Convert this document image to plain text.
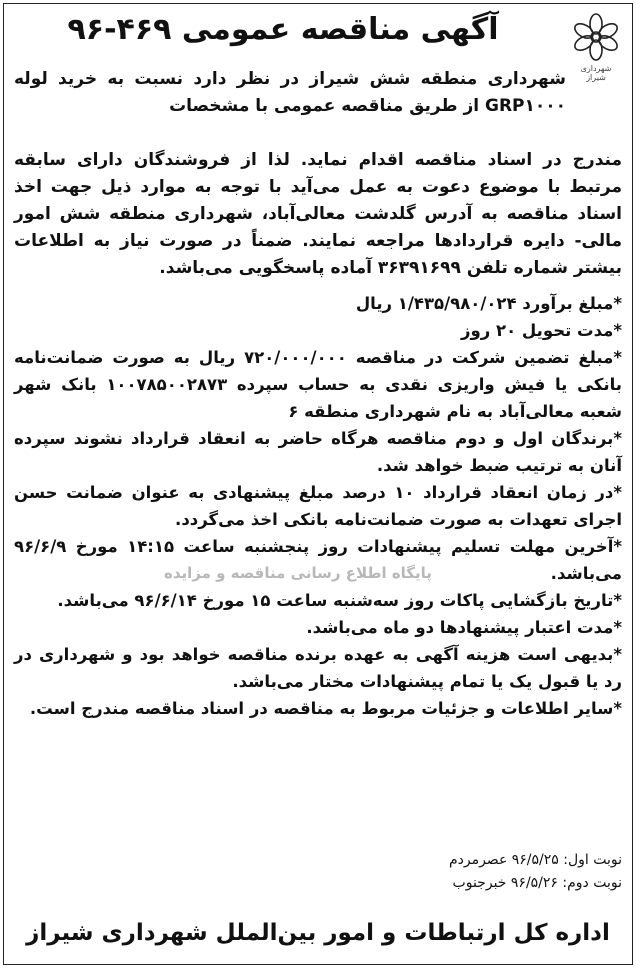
شهرداری شیراز
آگهی مناقصه عمومی ۴۶۹-۹۶
شهرداری منطقه شش شیراز در نظر دارد نسبت به خرید لوله GRP۱۰۰۰ از طریق مناقصه عمومی با مشخصات
مندرج در اسناد مناقصه اقدام نماید. لذا از فروشندگان دارای سابقه مرتبط با موضوع دعوت به عمل می‌آید با توجه به موارد ذیل جهت اخذ اسناد مناقصه به آدرس گلدشت معالی‌آباد، شهرداری منطقه شش امور مالی- دایره قراردادها مراجعه نمایند. ضمناً در صورت نیاز به اطلاعات بیشتر شماره تلفن ۳۶۳۹۱۶۹۹ آماده پاسخگویی می‌باشد.
پایگاه اطلاع رسانی مناقصه و مزایده
*مبلغ برآورد ۱/۴۳۵/۹۸۰/۰۲۴ ریال
*مدت تحویل ۲۰ روز
*مبلغ تضمین شرکت در مناقصه ۷۲۰/۰۰۰/۰۰۰ ریال به صورت ضمانت‌نامه بانکی یا فیش واریزی نقدی به حساب سپرده ۱۰۰۷۸۵۰۰۲۸۷۳ بانک شهر شعبه معالی‌آباد به نام شهرداری منطقه ۶
*برندگان اول و دوم مناقصه هرگاه حاضر به انعقاد قرارداد نشوند سپرده آنان به ترتیب ضبط خواهد شد.
*در زمان انعقاد قرارداد ۱۰ درصد مبلغ پیشنهادی به عنوان ضمانت حسن اجرای تعهدات به صورت ضمانت‌نامه بانکی اخذ می‌گردد.
*آخرین مهلت تسلیم پیشنهادات روز پنجشنبه ساعت ۱۴:۱۵ مورخ ۹۶/۶/۹ می‌باشد.
*تاریخ بازگشایی پاکات روز سه‌شنبه ساعت ۱۵ مورخ ۹۶/۶/۱۴ می‌باشد.
*مدت اعتبار پیشنهادها دو ماه می‌باشد.
*بدیهی است هزینه آگهی به عهده برنده مناقصه خواهد بود و شهرداری در رد یا قبول یک یا تمام پیشنهادات مختار می‌باشد.
*سایر اطلاعات و جزئیات مربوط به مناقصه در اسناد مناقصه مندرج است.
نوبت اول: ۹۶/۵/۲۵ عصرمردم
نوبت دوم: ۹۶/۵/۲۶ خبرجنوب
اداره کل ارتباطات و امور بین‌الملل شهرداری شیراز
